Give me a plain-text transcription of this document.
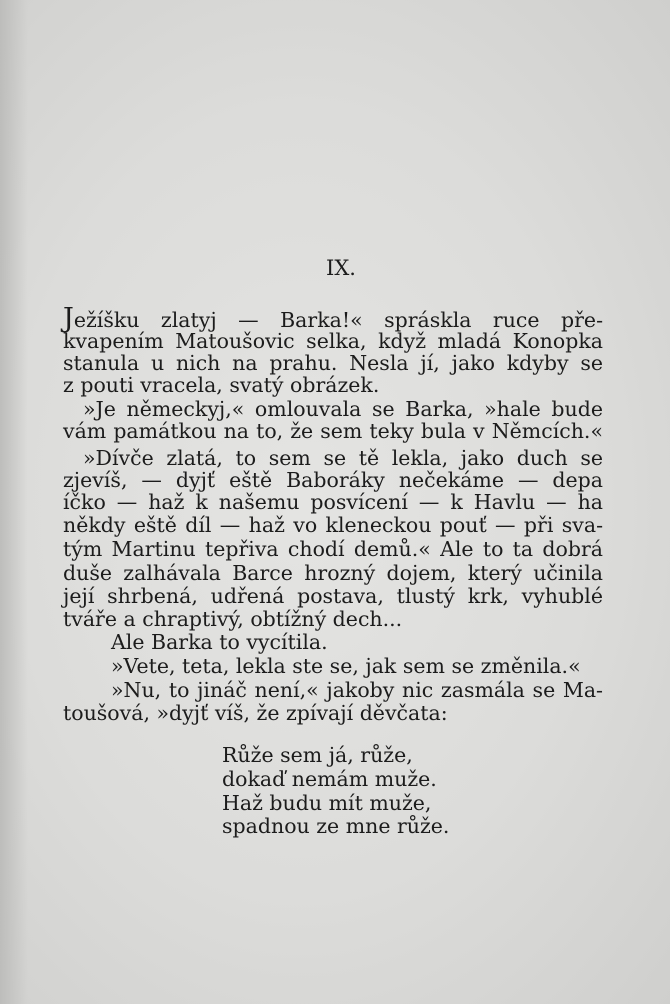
IX.
Ježíšku zlatyj — Barka!« spráskla ruce pře-
kvapením Matoušovic selka, když mladá Konopka
stanula u nich na prahu. Nesla jí, jako kdyby se
z pouti vracela, svatý obrázek.
»Je německyj,« omlouvala se Barka, »hale bude
vám památkou na to, že sem teky bula v Němcích.«
»Dívče zlatá, to sem se tě lekla, jako duch se
zjevíš, — dyjť eště Baboráky nečekáme — depa
íčko — haž k našemu posvícení — k Havlu — ha
někdy eště díl — haž vo kleneckou pouť — při sva-
tým Martinu tepřiva chodí demů.« Ale to ta dobrá
duše zalhávala Barce hrozný dojem, který učinila
její shrbená, udřená postava, tlustý krk, vyhublé
tváře a chraptivý, obtížný dech...
Ale Barka to vycítila.
»Vete, teta, lekla ste se, jak sem se změnila.«
»Nu, to jináč není,« jakoby nic zasmála se Ma-
toušová, »dyjť víš, že zpívají děvčata:
Růže sem já, růže,
dokaď nemám muže.
Haž budu mít muže,
spadnou ze mne růže.
